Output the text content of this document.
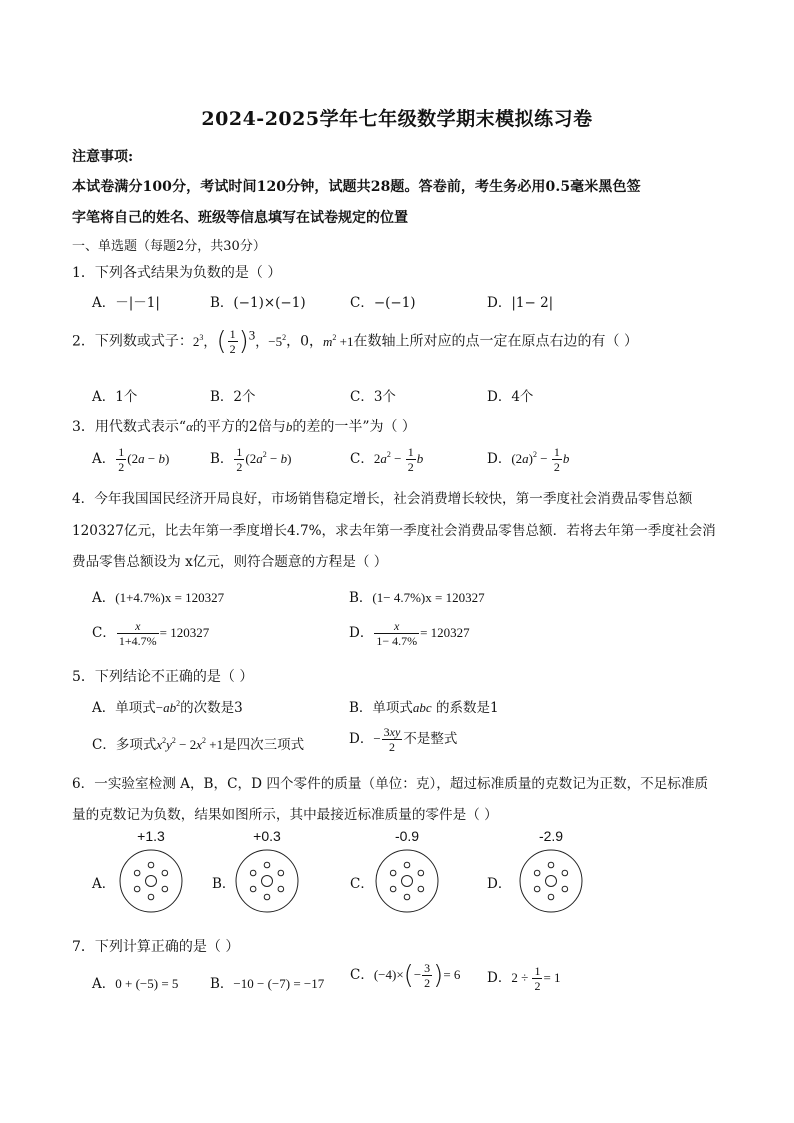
2024-2025学年七年级数学期末模拟练习卷
注意事项:
本试卷满分100分，考试时间120分钟，试题共28题。答卷前，考生务必用0.5毫米黑色签
字笔将自己的姓名、班级等信息填写在试卷规定的位置
一、单选题（每题2分，共30分）
1．下列各式结果为负数的是（ ）
A．－|－1|	B．(−1)×(−1)	C．−(−1)	D．|1− 2|
2．下列数或式子：$2^3$，( $\frac{1}{2} )^3$，$-5^2$，0，$m^2 +1$在数轴上所对应的点一定在原点右边的有（ ）
A．1个	B．2个	C．3个	D．4个
3．用代数式表示“α的平方的2倍与b的差的一半”为（ ）
A． $\frac{1}{2} (2a - b)$	B． $\frac{1}{2} (2a^2 - b)$	C．$2a^2 - \frac{1}{2}$ b	D．$(2a)^2 - \frac{1}{2}$ b
4．今年我国国民经济开局良好，市场销售稳定增长，社会消费增长较快，第一季度社会消费品零售总额
120327亿元，比去年第一季度增长4.7%，求去年第一季度社会消费品零售总额．若将去年第一季度社会消
费品零售总额设为 x亿元，则符合题意的方程是（ ）
A．(1+4.7%)x = 120327	B．(1− 4.7%)x = 120327
C． $\frac{x}{1+4.7\%} = 120327$	D． $\frac{x}{1- 4.7\%} = 120327$
5．下列结论不正确的是（ ）
A．单项式$-ab^2$的次数是3	B．单项式abc 的系数是1
C．多项式$x^2y^2 - 2x^2 +1$是四次三项式	D．− $\frac{3xy}{2}$ 不是整式
6．一实验室检测 A，B，C，D 四个零件的质量（单位：克），超过标准质量的克数记为正数，不足标准质
量的克数记为负数，结果如图所示，其中最接近标准质量的零件是（ ）
A．
+1.3
B．
+0.3
C．
-0.9
D．
-2.9
7．下列计算正确的是（ ）
A．0 + (−5) = 5 B．−10 − (−7) = −17
C．$(-4)\times(- \frac{3}{2}$ )= 6 D．$2 \div \frac{1}{2} = 1$
